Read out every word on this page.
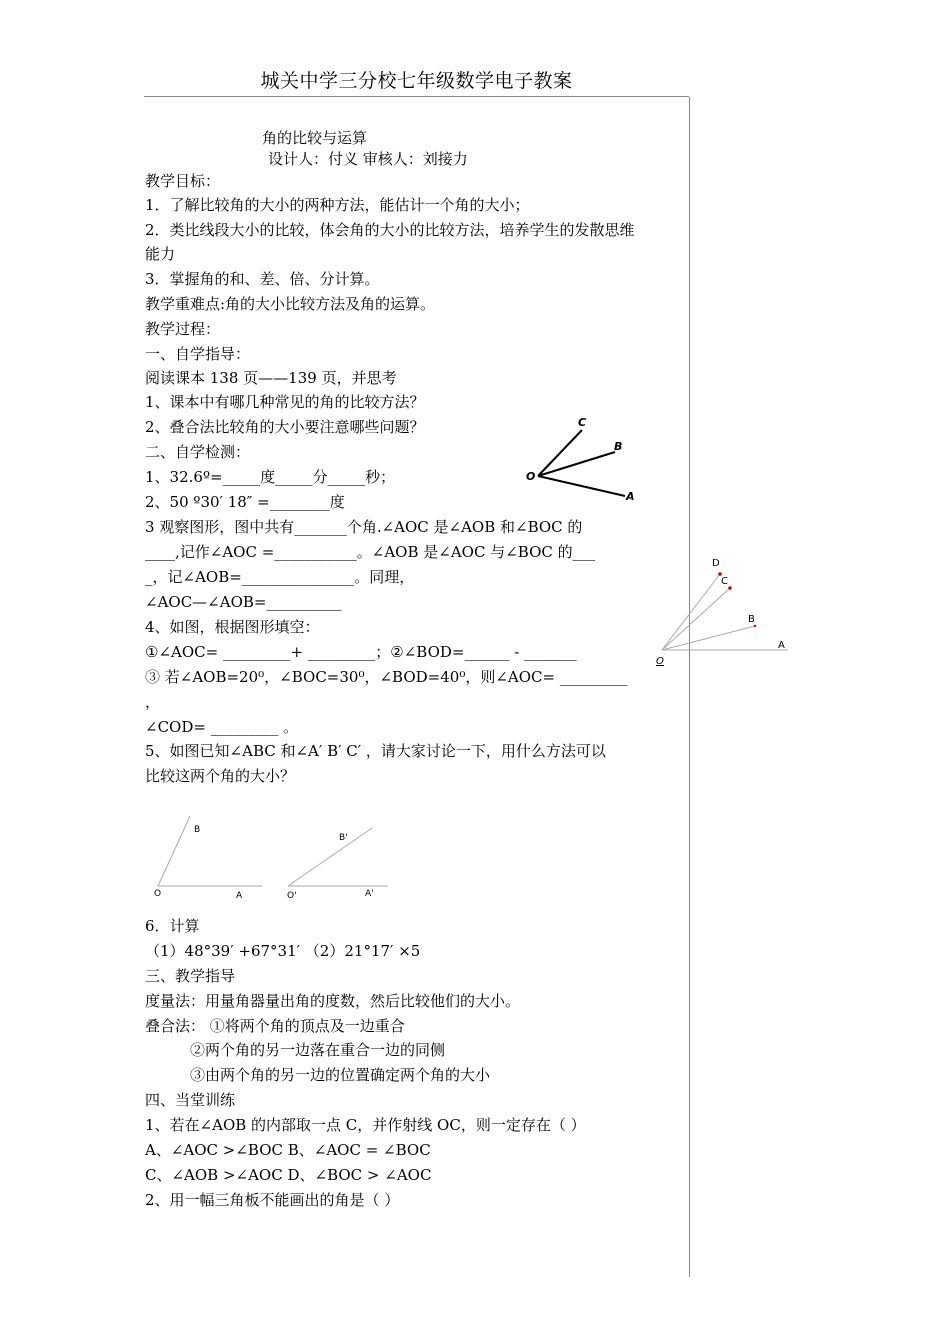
城关中学三分校七年级数学电子教案
角的比较与运算
设计人：付义 审核人：刘接力
教学目标：
1．了解比较角的大小的两种方法，能估计一个角的大小；
2．类比线段大小的比较，体会角的大小的比较方法，培养学生的发散思维
能力
3．掌握角的和、差、倍、分计算。
教学重难点:角的大小比较方法及角的运算。
教学过程：
一、自学指导：
阅读课本 138 页——139 页，并思考
1、课本中有哪几种常见的角的比较方法？
2、叠合法比较角的大小要注意哪些问题？
二、自学检测：
1、32.6º=_____度_____分_____秒；
2、50 º30′ 18″ =________度
3 观察图形，图中共有_______个角.∠AOC 是∠AOB 和∠BOC 的
____,记作∠AOC =___________。∠AOB 是∠AOC 与∠BOC 的___
_，记∠AOB=_______________。同理，
∠AOC—∠AOB=__________
4、如图，根据图形填空：
①∠AOC= _________+ _________；②∠BOD=______ - _______
③ 若∠AOB=20⁰，∠BOC=30⁰，∠BOD=40⁰，则∠AOC= _________
，
∠COD= _________ 。
5、如图已知∠ABC 和∠A′ B′ C′ ，请大家讨论一下，用什么方法可以
比较这两个角的大小？
6．计算
（1）48°39′ +67°31′ （2）21°17′ ×5
三、教学指导
度量法：用量角器量出角的度数，然后比较他们的大小。
叠合法： ①将两个角的顶点及一边重合
②两个角的另一边落在重合一边的同侧
③由两个角的另一边的位置确定两个角的大小
四、当堂训练
1、若在∠AOB 的内部取一点 C，并作射线 OC，则一定存在（ ）
A、∠AOC >∠BOC B、∠AOC = ∠BOC
C、∠AOB >∠AOC D、∠BOC > ∠AOC
2、用一幅三角板不能画出的角是（ ）
C
B
O
A
D
C
B
A
O
B
O	A
B'
O'	A'
